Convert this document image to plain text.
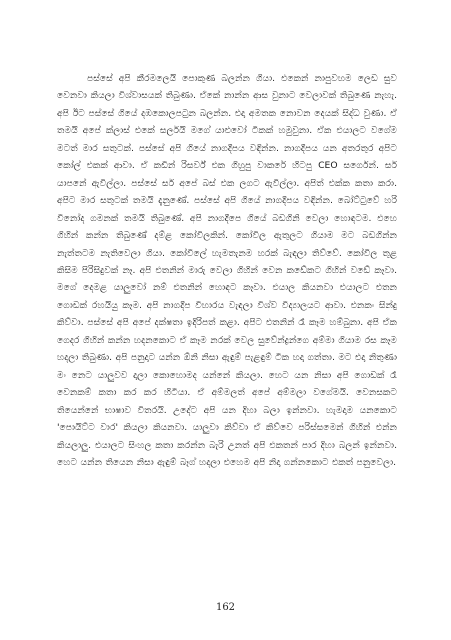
පස්සේ අපි කීරමලෙයි පොකුණ බලන්න ගියා. එකෙන් නාපුවහම ලෙඩ සුව වෙනවා කියලා විශ්වාසයක් තිබුණා. ඒකේ නාන්න ආස වුනාට වෙලාවක් තිබුණෙ නැහැ. අපි ඊට පස්සේ ගියේ දඹකොලපටුන බලන්න. එදා අමතක නොවන දෙයක් සිද්ධ වුණා. ඒ තමයි අපේ ක්ලාස් එකේ සර්ලයි මගේ යාළුවෝ ටිකක් හමුවුනා. ඒක එයාලට වගේම මටත් මාර සතුටක්. පස්සේ අපි ගියේ නාගදීපය වඳින්න. නාගදීපය යන අතරතුර අපිට කෝල් එකක් ආවා. ඒ කඩින් රිසර්ව් එක ගිහුපු වාකරේ හිටපු CEO සර්ගෙන්. සර් යාපනේ ඇවිල්ලා. පස්සේ සර් අපේ බස් එක ලගට ඇවිල්ලා. අපිත් එක්ක කතා කරා. අපිට මාර සතුටක් තමයි දැනුණේ. පස්සේ අපි ගියේ නාගදීපය වඳින්න. බෝට්ටුවේ හරි විනෝද ගමනක් තමයි තිබුණේ. අපි නාගදීපෙ ගියේ බඩගිනි වෙලා හොඳටම. එහෙ ගිහින් කන්න තිබුණේ දම්ළ කෝවිලකින්. කෝවිල ඇතුලට ගියාම මට බඩගින්න නැත්තටම නැතිවෙලා ගියා. කෝවිලේ හැමතැනම හරක් බැඳලා තිව්වේ. කෝවිල තුළ කිසිම පිරිසිදුවක් නෑ. අපි එතනින් මාරු වෙලා ගිහින් වෙන කඩේකට ගිහින් වඩේ කෑවා. මගේ දෙමළ යාලුවෝ නම් එතනින් හොඳට කෑවා. එයාල කියනවා එයාලට එතන ගොඩක් රහයියු කෑම. අපි නාගදීප විහාරය වැඳලා විශ්ව විද්‍යාලයට ආවා. එනකං සින්දු කිව්වා. පස්සේ අපි අපේ දක්ෂතා ඉදිරිපත් කළා. අපිට එතනින් රෑ කෑම හම්බුනා. අපි ඒක ගෙදර ගිහින් කන්න හදනකොට ඒ කෑම නරක් වෙල සුවේන්ද්‍රන්ගෙ අම්මා ගියාම රස කෑම හදලා තිබුණා. අපි පනුදාට යන්න ඕනි නිසා ඇඳුම් පැළඳුම් ටික හදා ගත්තා. මට එදා නිතුණා මං නෙට යාලුවව දාලා කොහොමද යන්නේ කියලා. හෙට යන නිසා අපි ගොඩක් රෑ වෙනකම් කතා කර කර හිටියා. ඒ අම්මලත් අපේ අම්මලා වගේමයි. වෙනසකට තියෙන්නේ භාෂාව විතරයි. උදේට අපි යන දිහා බලා ඉන්නවා. හැමදාම යනකොට 'පොයිට්ට වාර' කියලා කියනවා. යාලුවා කිව්වා ඒ කිව්වෙ පරිස්සමෙන් ගිහින් එන්න කියලාලු. එයාලට සිංහල කතා කරන්න බැරි උනත් අපි එකතන් පාර දිහා බලන් ඉන්නවා. හෙට යන්න තියෙන නිසා ඇඳුම් බෑග් හදලා එහෙම අපි නිදා ගන්නකොට එකත් පනුවෙලා.

162
